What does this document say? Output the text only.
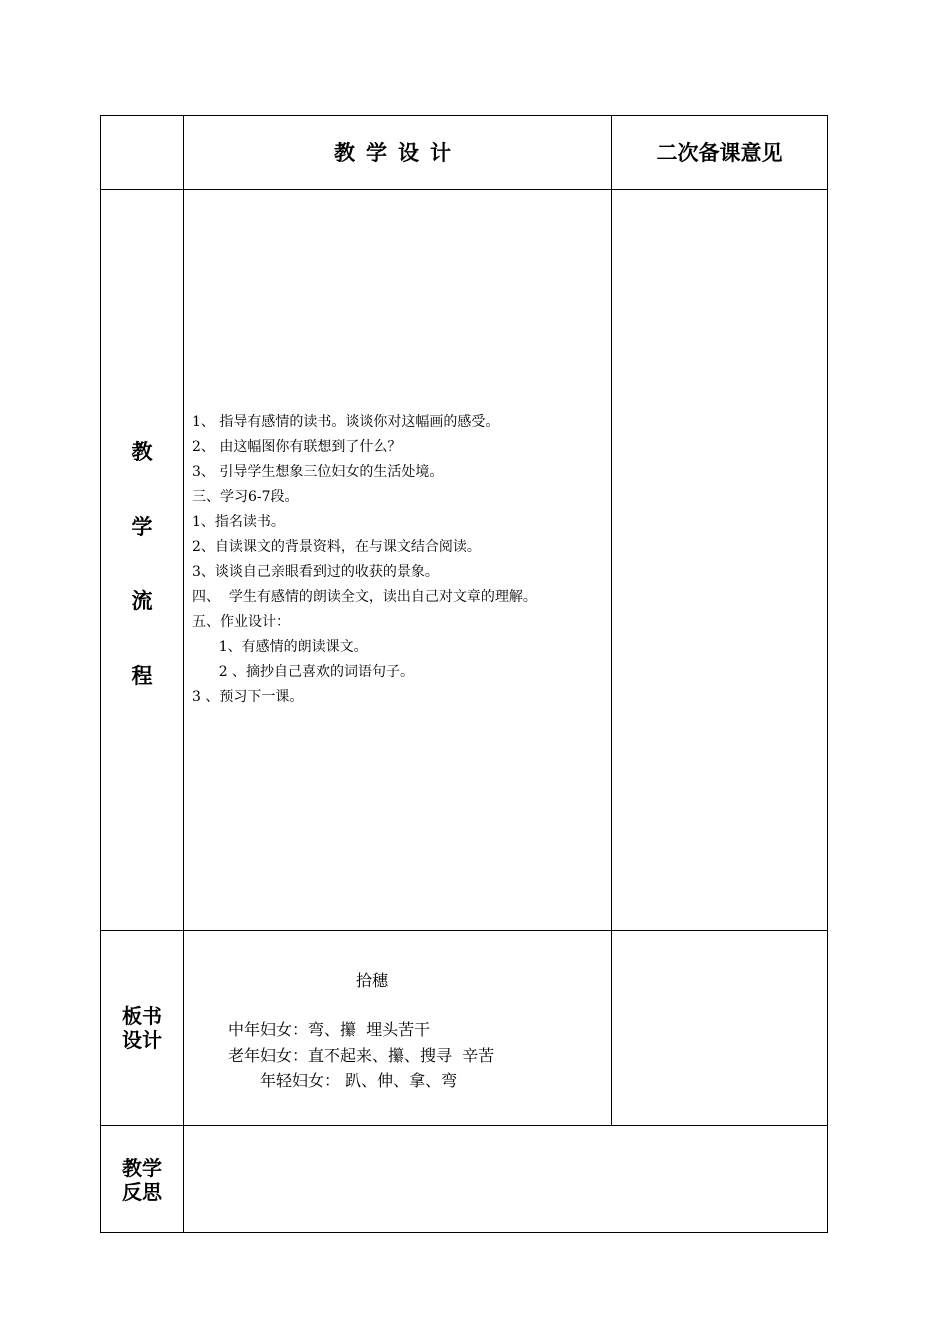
教学设计	二次备课意见
教
学
流
程
1、 指导有感情的读书。谈谈你对这幅画的感受。
2、 由这幅图你有联想到了什么？
3、 引导学生想象三位妇女的生活处境。
三、学习6-7段。
1、指名读书。
2、自读课文的背景资料，在与课文结合阅读。
3、谈谈自己亲眼看到过的收获的景象。
四、  学生有感情的朗读全文，读出自己对文章的理解。
五、作业设计：
1、有感情的朗读课文。
2 、摘抄自己喜欢的词语句子。
3 、预习下一课。
板书
设计
拾穗
中年妇女：弯、攥  埋头苦干
老年妇女：直不起来、攥、搜寻  辛苦
年轻妇女： 趴、伸、拿、弯
教学
反思
